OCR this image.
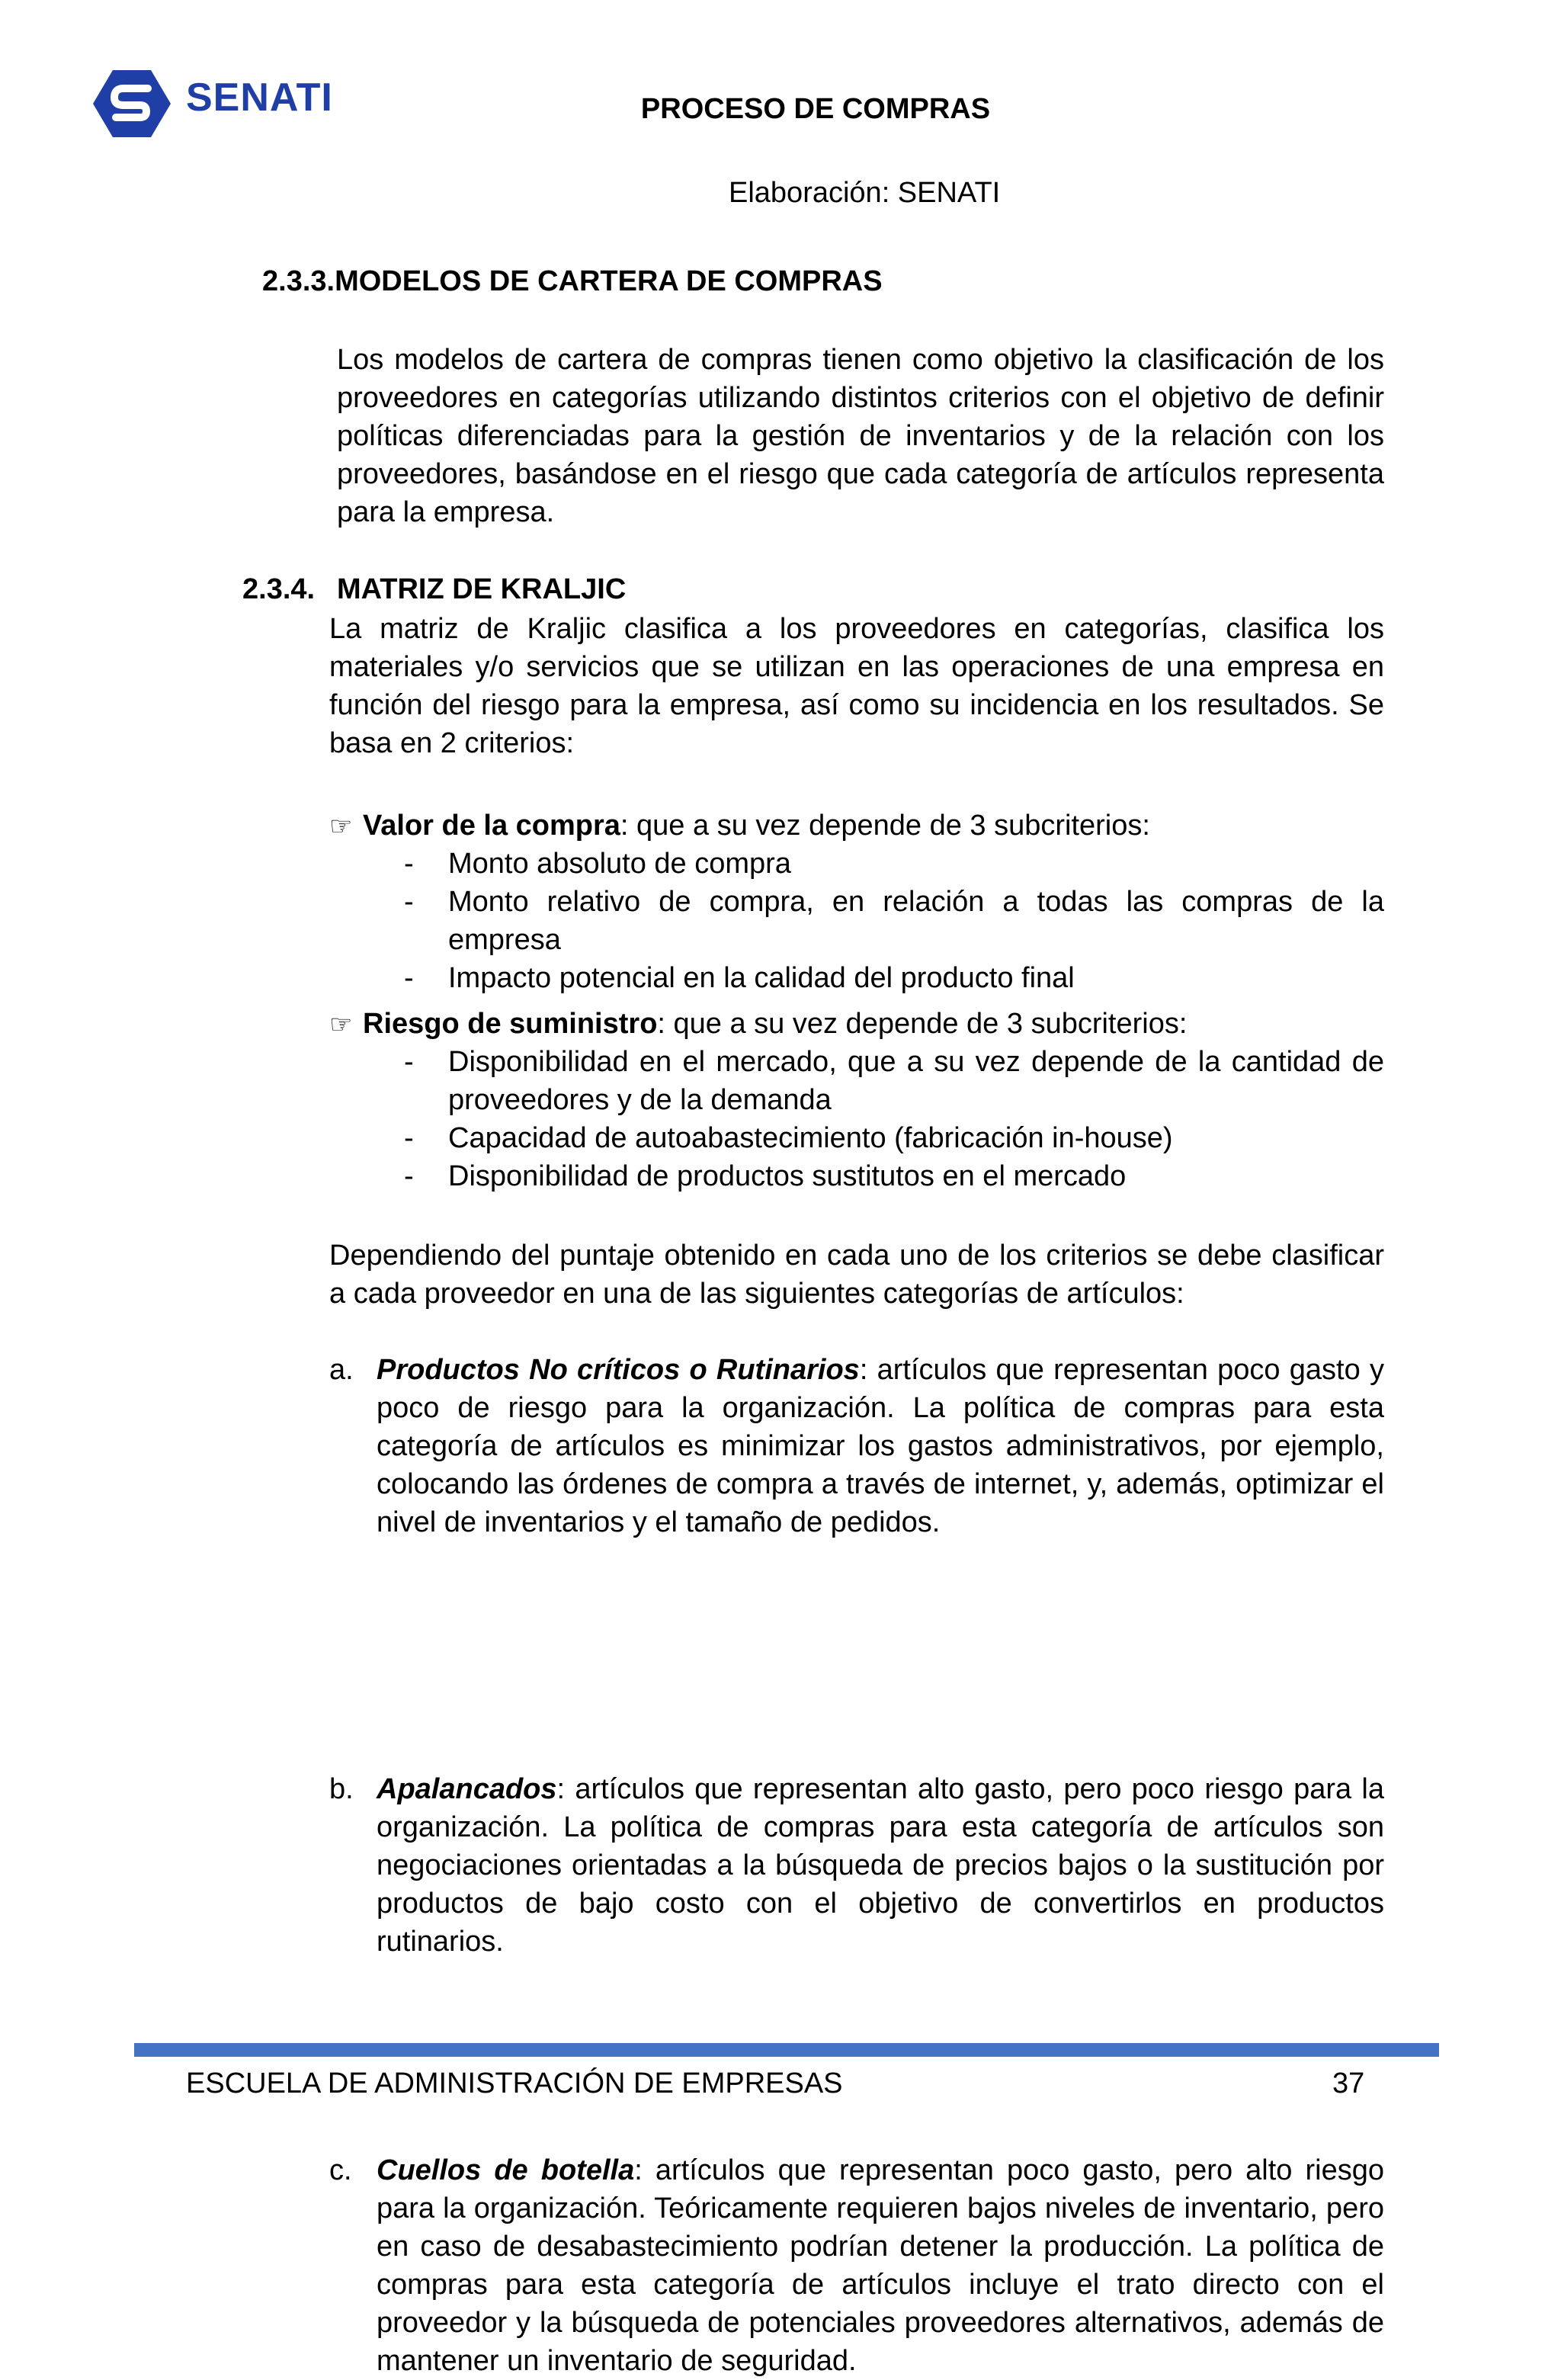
SENATI	PROCESO DE COMPRAS
Elaboración: SENATI
2.3.3.MODELOS DE CARTERA DE COMPRAS

Los modelos de cartera de compras tienen como objetivo la clasificación de los proveedores en categorías utilizando distintos criterios con el objetivo de definir políticas diferenciadas para la gestión de inventarios y de la relación con los proveedores, basándose en el riesgo que cada categoría de artículos representa para la empresa.

2.3.4. MATRIZ DE KRALJIC

La matriz de Kraljic clasifica a los proveedores en categorías, clasifica los materiales y/o servicios que se utilizan en las operaciones de una empresa en función del riesgo para la empresa, así como su incidencia en los resultados. Se basa en 2 criterios:

☞ Valor de la compra: que a su vez depende de 3 subcriterios:
- Monto absoluto de compra
- Monto relativo de compra, en relación a todas las compras de la empresa
- Impacto potencial en la calidad del producto final
☞ Riesgo de suministro: que a su vez depende de 3 subcriterios:
- Disponibilidad en el mercado, que a su vez depende de la cantidad de proveedores y de la demanda
- Capacidad de autoabastecimiento (fabricación in-house)
- Disponibilidad de productos sustitutos en el mercado

Dependiendo del puntaje obtenido en cada uno de los criterios se debe clasificar a cada proveedor en una de las siguientes categorías de artículos:

a. Productos No críticos o Rutinarios: artículos que representan poco gasto y poco de riesgo para la organización. La política de compras para esta categoría de artículos es minimizar los gastos administrativos, por ejemplo, colocando las órdenes de compra a través de internet, y, además, optimizar el nivel de inventarios y el tamaño de pedidos.
b. Apalancados: artículos que representan alto gasto, pero poco riesgo para la organización. La política de compras para esta categoría de artículos son negociaciones orientadas a la búsqueda de precios bajos o la sustitución por productos de bajo costo con el objetivo de convertirlos en productos rutinarios.
c. Cuellos de botella: artículos que representan poco gasto, pero alto riesgo para la organización. Teóricamente requieren bajos niveles de inventario, pero en caso de desabastecimiento podrían detener la producción. La política de compras para esta categoría de artículos incluye el trato directo con el proveedor y la búsqueda de potenciales proveedores alternativos, además de mantener un inventario de seguridad.
ESCUELA DE ADMINISTRACIÓN DE EMPRESAS	37
